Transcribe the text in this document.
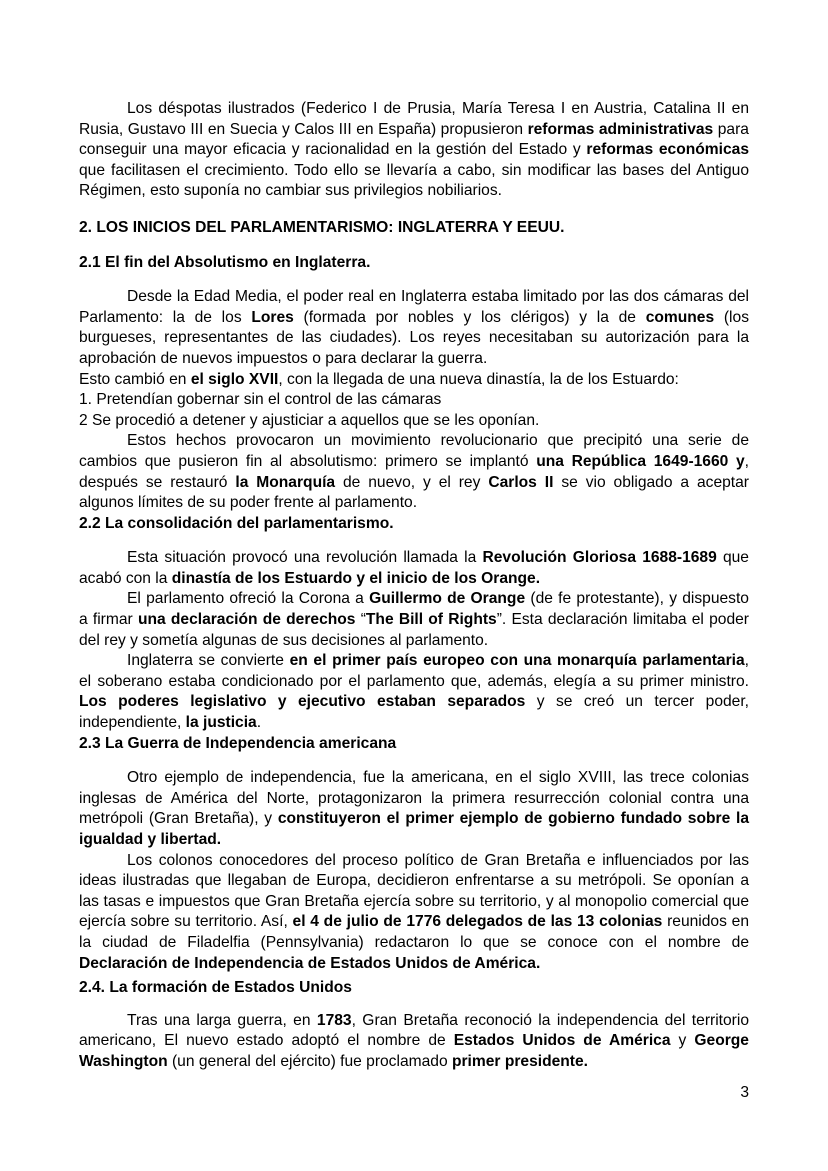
Los déspotas ilustrados (Federico I de Prusia, María Teresa I en Austria, Catalina II en Rusia, Gustavo III en Suecia y Calos III en España) propusieron reformas administrativas para conseguir una mayor eficacia y racionalidad en la gestión del Estado y reformas económicas que facilitasen el crecimiento. Todo ello se llevaría a cabo, sin modificar las bases del Antiguo Régimen, esto suponía no cambiar sus privilegios nobiliarios.

2. LOS INICIOS DEL PARLAMENTARISMO: INGLATERRA Y EEUU.

2.1 El fin del Absolutismo en Inglaterra.

Desde la Edad Media, el poder real en Inglaterra estaba limitado por las dos cámaras del Parlamento: la de los Lores (formada por nobles y los clérigos) y la de comunes (los burgueses, representantes de las ciudades). Los reyes necesitaban su autorización para la aprobación de nuevos impuestos o para declarar la guerra.

Esto cambió en el siglo XVII, con la llegada de una nueva dinastía, la de los Estuardo:

1. Pretendían gobernar sin el control de las cámaras

2 Se procedió a detener y ajusticiar a aquellos que se les oponían.

Estos hechos provocaron un movimiento revolucionario que precipitó una serie de cambios que pusieron fin al absolutismo: primero se implantó una República 1649-1660 y, después se restauró la Monarquía de nuevo, y el rey Carlos II se vio obligado a aceptar algunos límites de su poder frente al parlamento.

2.2 La consolidación del parlamentarismo.

Esta situación provocó una revolución llamada la Revolución Gloriosa 1688-1689 que acabó con la dinastía de los Estuardo y el inicio de los Orange.

El parlamento ofreció la Corona a Guillermo de Orange (de fe protestante), y dispuesto a firmar una declaración de derechos “The Bill of Rights”. Esta declaración limitaba el poder del rey y sometía algunas de sus decisiones al parlamento.

Inglaterra se convierte en el primer país europeo con una monarquía parlamentaria, el soberano estaba condicionado por el parlamento que, además, elegía a su primer ministro. Los poderes legislativo y ejecutivo estaban separados y se creó un tercer poder, independiente, la justicia.

2.3 La Guerra de Independencia americana

Otro ejemplo de independencia, fue la americana, en el siglo XVIII, las trece colonias inglesas de América del Norte, protagonizaron la primera resurrección colonial contra una metrópoli (Gran Bretaña), y constituyeron el primer ejemplo de gobierno fundado sobre la igualdad y libertad.

Los colonos conocedores del proceso político de Gran Bretaña e influenciados por las ideas ilustradas que llegaban de Europa, decidieron enfrentarse a su metrópoli. Se oponían a las tasas e impuestos que Gran Bretaña ejercía sobre su territorio, y al monopolio comercial que ejercía sobre su territorio. Así, el 4 de julio de 1776 delegados de las 13 colonias reunidos en la ciudad de Filadelfia (Pennsylvania) redactaron lo que se conoce con el nombre de Declaración de Independencia de Estados Unidos de América.

2.4. La formación de Estados Unidos

Tras una larga guerra, en 1783, Gran Bretaña reconoció la independencia del territorio americano, El nuevo estado adoptó el nombre de Estados Unidos de América y George Washington (un general del ejército) fue proclamado primer presidente.

3
